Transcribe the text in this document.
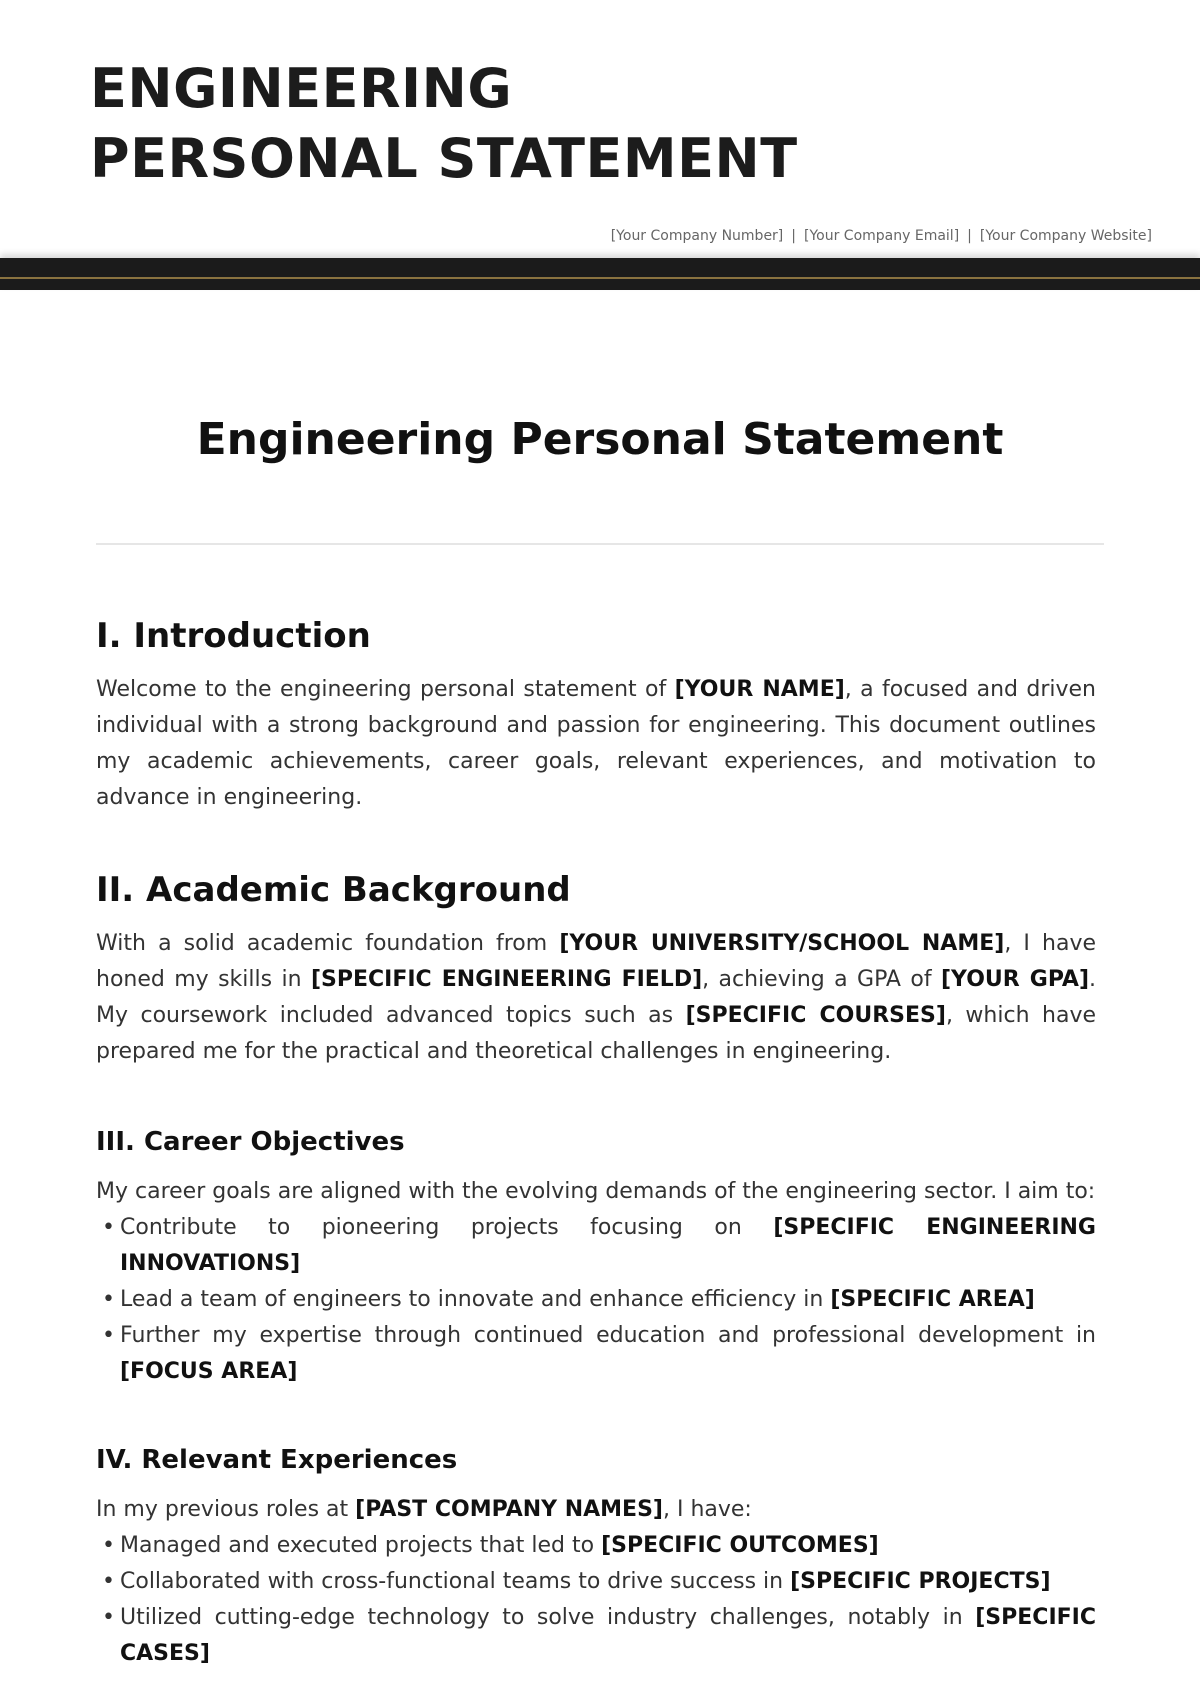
ENGINEERING
PERSONAL STATEMENT
[Your Company Number] | [Your Company Email] | [Your Company Website]
Engineering Personal Statement
I. Introduction

Welcome to the engineering personal statement of [YOUR NAME], a focused and driven individual with a strong background and passion for engineering. This document outlines my academic achievements, career goals, relevant experiences, and motivation to advance in engineering.

II. Academic Background

With a solid academic foundation from [YOUR UNIVERSITY/SCHOOL NAME], I have honed my skills in [SPECIFIC ENGINEERING FIELD], achieving a GPA of [YOUR GPA]. My coursework included advanced topics such as [SPECIFIC COURSES], which have prepared me for the practical and theoretical challenges in engineering.

III. Career Objectives

My career goals are aligned with the evolving demands of the engineering sector. I aim to:

• Contribute to pioneering projects focusing on [SPECIFIC ENGINEERING INNOVATIONS]
• Lead a team of engineers to innovate and enhance efficiency in [SPECIFIC AREA]
• Further my expertise through continued education and professional development in [FOCUS AREA]
IV. Relevant Experiences

In my previous roles at [PAST COMPANY NAMES], I have:

• Managed and executed projects that led to [SPECIFIC OUTCOMES]
• Collaborated with cross-functional teams to drive success in [SPECIFIC PROJECTS]
• Utilized cutting-edge technology to solve industry challenges, notably in [SPECIFIC CASES]
